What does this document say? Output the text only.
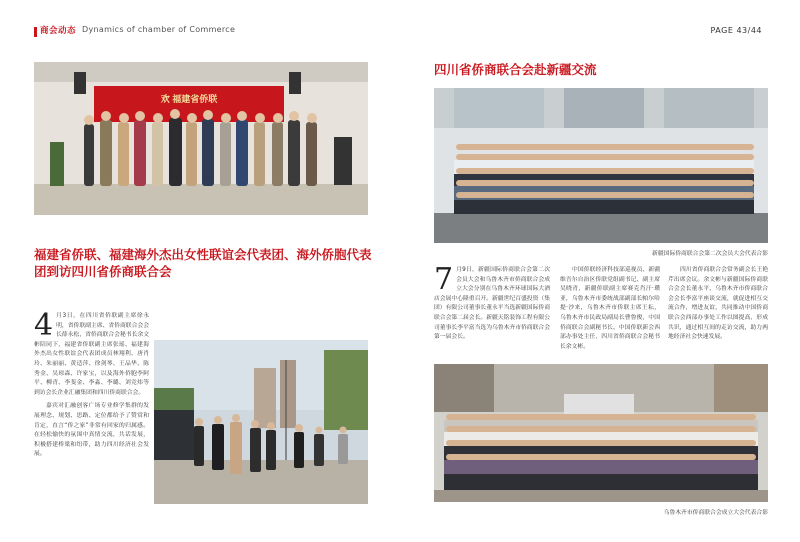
商会动态 Dynamics of chamber of Commerce	PAGE 43/44
欢 福建省侨联
福建省侨联、福建海外杰出女性联谊会代表团、海外侨胞代表团到访四川省侨商联合会
4 月3日，在四川省侨联副主席徐永明，省侨联副主席、省侨商联合会会长薛永松，省侨商联合会秘书长余文彬陪同下，福建省侨联副主席张瑶、福建海外杰出女性联谊会代表团成员林翔利、唐肖玲、朱丽丽、黄适萍、徐剑琴、王品华、陈秀金、吴琼森、许家宝，以及海外侨胞李阿平、柳青、李斐金、李淼、李璐、刘竞炜等到访会长企业汇融集团和四川侨商联合会。
嘉宾对汇融创客广场专业修学集群的发展理念、规划、思路、定位都给予了赞赏和肯定，直言“侨之家”非常有回家的归属感。在轻松愉快的氛围中真情交流，共话发展，积极搭建桥梁和纽带，助力四川经济社会发展。
四川省侨商联合会赴新疆交流
新疆国际侨商联合会第二次会员大会代表合影
7 月9日，新疆国际侨商联合会第二次会员大会和乌鲁木齐市侨商联合会成立大会分别在乌鲁木齐环球国际大酒店会展中心隆重召开。新疆世纪百盛投资（集团）有限公司董事长董永平当选新疆国际侨商联合会第二届会长。新疆天铭装饰工程有限公司董事长李平富当选为乌鲁木齐市侨商联合会第一届会长。
中国侨联经济科技部巡视员、新疆维吾尔自治区侨联党组副书记、副主席吴晓青，新疆侨联副主席赛克肖汗·瓒亚，乌鲁木齐市委统战部副部长帕尔哈提·沙来，乌鲁木齐市侨联主席王耘，乌鲁木齐市民政局副局长曹鲁俊，中国侨商联合会副秘书长、中国侨联新会西部办事处主任，四川省侨商联合会秘书长余文彬。
四川省侨商联合会常务副会长王艳芹出席会议。余文彬与新疆国际侨商联合会会长董永平、乌鲁木齐市侨商联合会会长李富平座谈交流，就促进相互交流合作，增进友谊，共同推动中国侨商联合会西部办事处工作以图提高，形成共识，通过相互间的走访交流，助力两地经济社会快速发展。
乌鲁木齐市侨商联合会成立大会代表合影
